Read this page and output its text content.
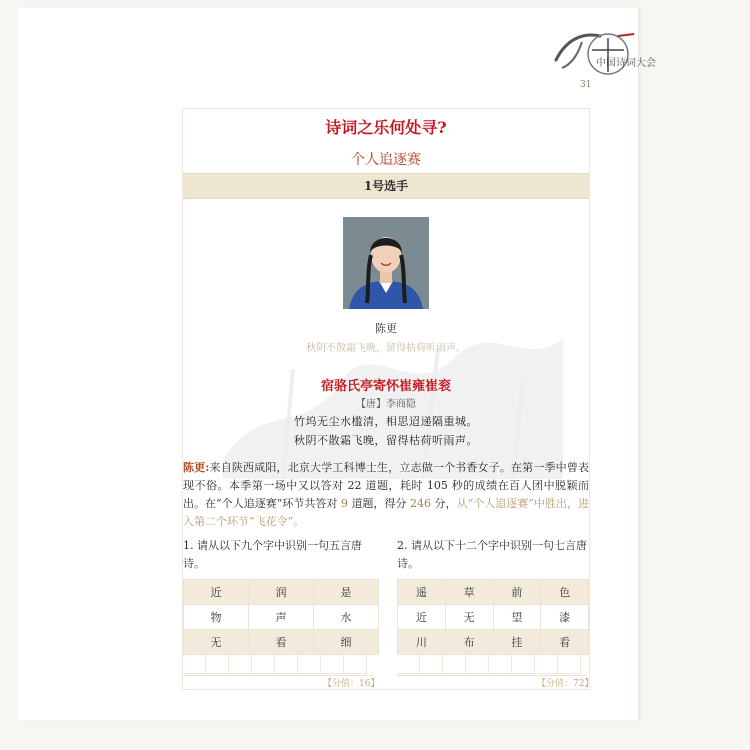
中国诗词大会
31
诗词之乐何处寻?
个人追逐赛
1号选手
陈更
秋阴不散霜飞晚，留得枯荷听雨声。
宿骆氏亭寄怀崔雍崔衮
【唐】李商隐
竹坞无尘水槛清，相思迢递隔重城。
秋阴不散霜飞晚，留得枯荷听雨声。
陈更:来自陕西咸阳，北京大学工科博士生，立志做一个书香女子。在第一季中曾表现不俗。本季第一场中又以答对 22 道题，耗时 105 秒的成绩在百人团中脱颖而出。在“个人追逐赛”环节共答对 9 道题，得分 246 分，从“个人追逐赛”中胜出，进入第二个环节“飞花令”。
1. 请从以下九个字中识别一句五言唐诗。
2. 请从以下十二个字中识别一句七言唐诗。
近	润	是
物	声	水
无	看	细
遥	草	前	色
近	无	望	漆
川	布	挂	看
【分值：16】	【分值：72】
